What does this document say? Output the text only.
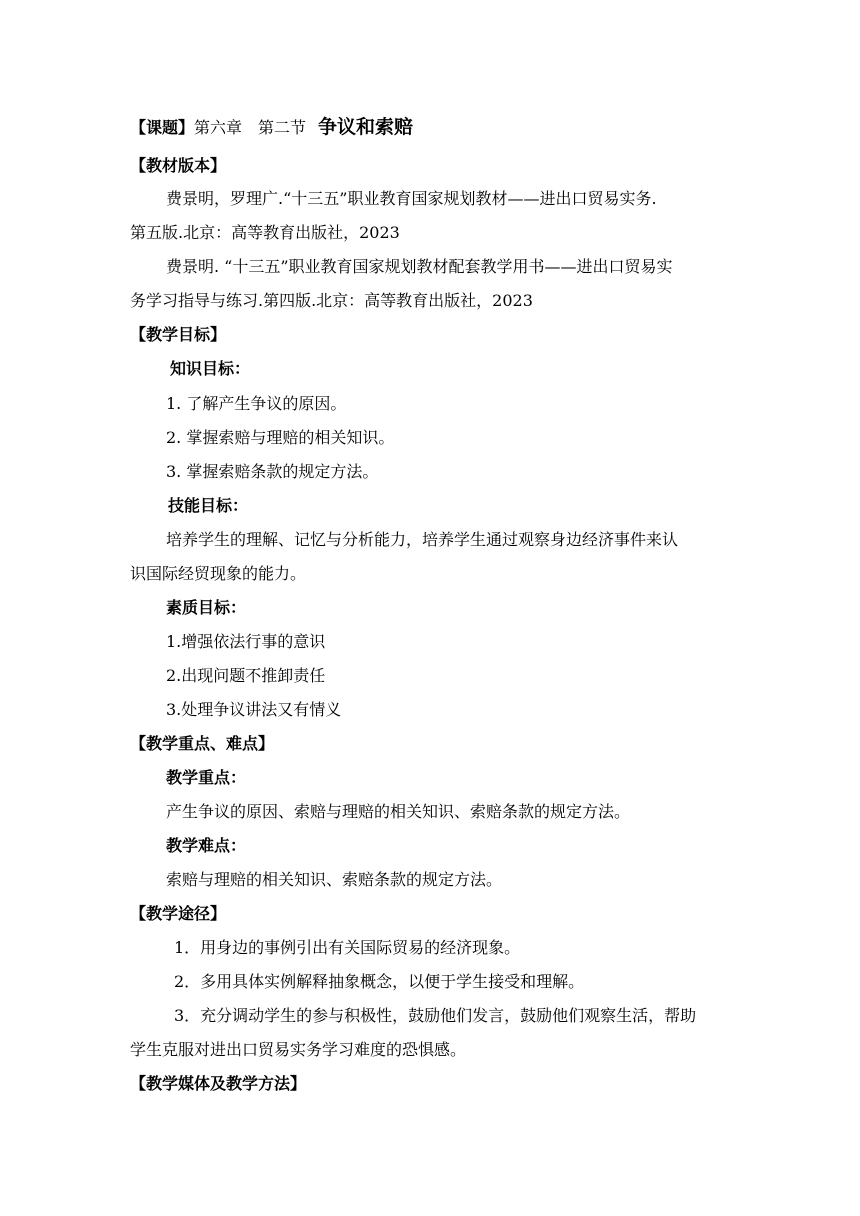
【课题】第六章　第二节 争议和索赔
【教材版本】
费景明，罗理广.“十三五”职业教育国家规划教材——进出口贸易实务.
第五版.北京：高等教育出版社，2023
费景明. “十三五”职业教育国家规划教材配套教学用书——进出口贸易实
务学习指导与练习.第四版.北京：高等教育出版社，2023
【教学目标】
知识目标：
1. 了解产生争议的原因。
2. 掌握索赔与理赔的相关知识。
3. 掌握索赔条款的规定方法。
技能目标：
培养学生的理解、记忆与分析能力，培养学生通过观察身边经济事件来认
识国际经贸现象的能力。
素质目标：
1.增强依法行事的意识
2.出现问题不推卸责任
3.处理争议讲法又有情义
【教学重点、难点】
教学重点：
产生争议的原因、索赔与理赔的相关知识、索赔条款的规定方法。
教学难点：
索赔与理赔的相关知识、索赔条款的规定方法。
【教学途径】
1．用身边的事例引出有关国际贸易的经济现象。
2．多用具体实例解释抽象概念，以便于学生接受和理解。
3．充分调动学生的参与积极性，鼓励他们发言，鼓励他们观察生活，帮助
学生克服对进出口贸易实务学习难度的恐惧感。
【教学媒体及教学方法】
